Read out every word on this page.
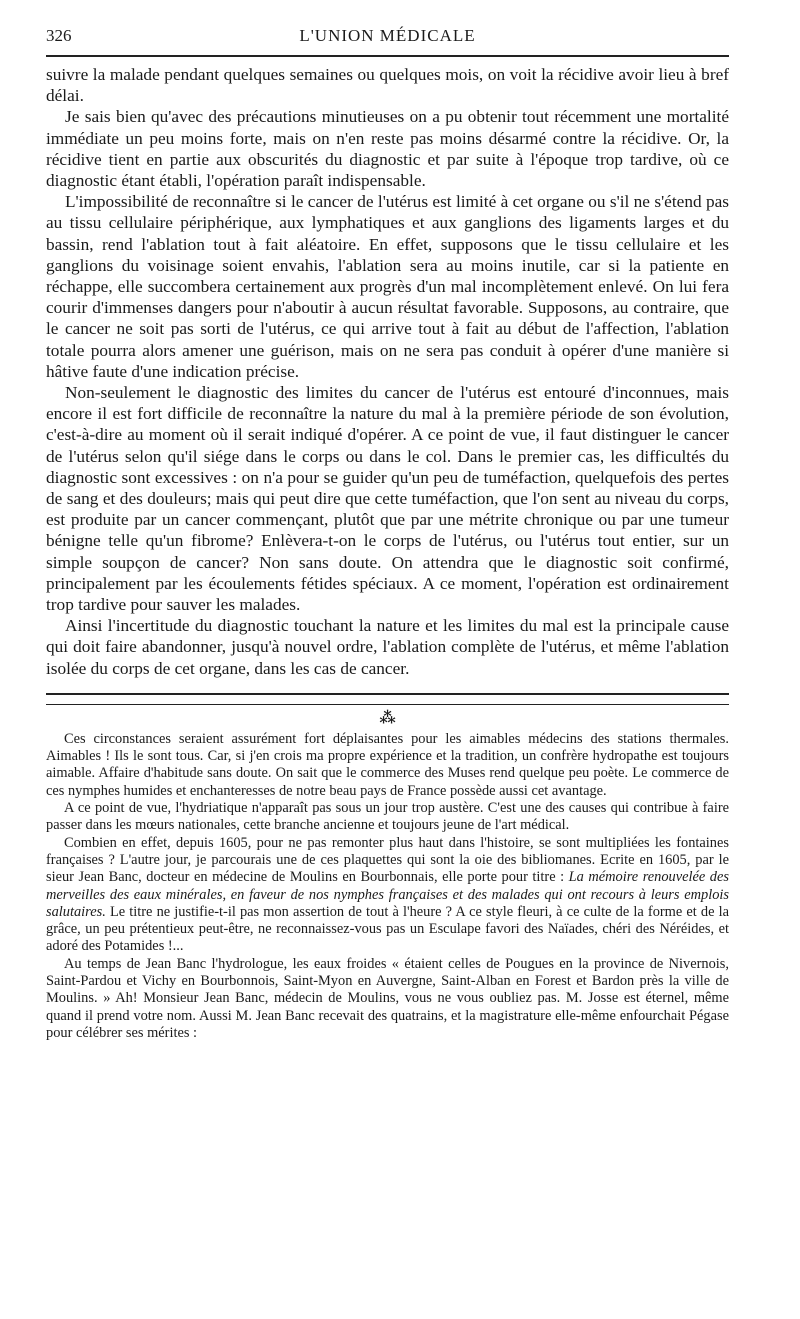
326	L'UNION MÉDICALE

suivre la malade pendant quelques semaines ou quelques mois, on voit la récidive avoir lieu à bref délai.

Je sais bien qu'avec des précautions minutieuses on a pu obtenir tout récemment une mortalité immédiate un peu moins forte, mais on n'en reste pas moins désarmé contre la récidive. Or, la récidive tient en partie aux obscurités du diagnostic et par suite à l'époque trop tardive, où ce diagnostic étant établi, l'opération paraît indispensable.

L'impossibilité de reconnaître si le cancer de l'utérus est limité à cet organe ou s'il ne s'étend pas au tissu cellulaire périphérique, aux lymphatiques et aux ganglions des ligaments larges et du bassin, rend l'ablation tout à fait aléatoire. En effet, supposons que le tissu cellulaire et les ganglions du voisinage soient envahis, l'ablation sera au moins inutile, car si la patiente en réchappe, elle succombera certainement aux progrès d'un mal incomplètement enlevé. On lui fera courir d'immenses dangers pour n'aboutir à aucun résultat favorable. Supposons, au contraire, que le cancer ne soit pas sorti de l'utérus, ce qui arrive tout à fait au début de l'affection, l'ablation totale pourra alors amener une guérison, mais on ne sera pas conduit à opérer d'une manière si hâtive faute d'une indication précise.

Non-seulement le diagnostic des limites du cancer de l'utérus est entouré d'inconnues, mais encore il est fort difficile de reconnaître la nature du mal à la première période de son évolution, c'est-à-dire au moment où il serait indiqué d'opérer. A ce point de vue, il faut distinguer le cancer de l'utérus selon qu'il siége dans le corps ou dans le col. Dans le premier cas, les difficultés du diagnostic sont excessives : on n'a pour se guider qu'un peu de tuméfaction, quelquefois des pertes de sang et des douleurs; mais qui peut dire que cette tuméfaction, que l'on sent au niveau du corps, est produite par un cancer commençant, plutôt que par une métrite chronique ou par une tumeur bénigne telle qu'un fibrome? Enlèvera-t-on le corps de l'utérus, ou l'utérus tout entier, sur un simple soupçon de cancer? Non sans doute. On attendra que le diagnostic soit confirmé, principalement par les écoulements fétides spéciaux. A ce moment, l'opération est ordinairement trop tardive pour sauver les malades.

Ainsi l'incertitude du diagnostic touchant la nature et les limites du mal est la principale cause qui doit faire abandonner, jusqu'à nouvel ordre, l'ablation complète de l'utérus, et même l'ablation isolée du corps de cet organe, dans les cas de cancer.

⁂

Ces circonstances seraient assurément fort déplaisantes pour les aimables médecins des stations thermales. Aimables ! Ils le sont tous. Car, si j'en crois ma propre expérience et la tradition, un confrère hydropathe est toujours aimable. Affaire d'habitude sans doute. On sait que le commerce des Muses rend quelque peu poète. Le commerce de ces nymphes humides et enchanteresses de notre beau pays de France possède aussi cet avantage.

A ce point de vue, l'hydriatique n'apparaît pas sous un jour trop austère. C'est une des causes qui contribue à faire passer dans les mœurs nationales, cette branche ancienne et toujours jeune de l'art médical.

Combien en effet, depuis 1605, pour ne pas remonter plus haut dans l'histoire, se sont multipliées les fontaines françaises ? L'autre jour, je parcourais une de ces plaquettes qui sont la oie des bibliomanes. Ecrite en 1605, par le sieur Jean Banc, docteur en médecine de Moulins en Bourbonnais, elle porte pour titre : La mémoire renouvelée des merveilles des eaux minérales, en faveur de nos nymphes françaises et des malades qui ont recours à leurs emplois salutaires. Le titre ne justifie-t-il pas mon assertion de tout à l'heure ? A ce style fleuri, à ce culte de la forme et de la grâce, un peu prétentieux peut-être, ne reconnaissez-vous pas un Esculape favori des Naïades, chéri des Néréides, et adoré des Potamides !...

Au temps de Jean Banc l'hydrologue, les eaux froides « étaient celles de Pougues en la province de Nivernois, Saint-Pardou et Vichy en Bourbonnois, Saint-Myon en Auvergne, Saint-Alban en Forest et Bardon près la ville de Moulins. » Ah! Monsieur Jean Banc, médecin de Moulins, vous ne vous oubliez pas. M. Josse est éternel, même quand il prend votre nom. Aussi M. Jean Banc recevait des quatrains, et la magistrature elle-même enfourchait Pégase pour célébrer ses mérites :
